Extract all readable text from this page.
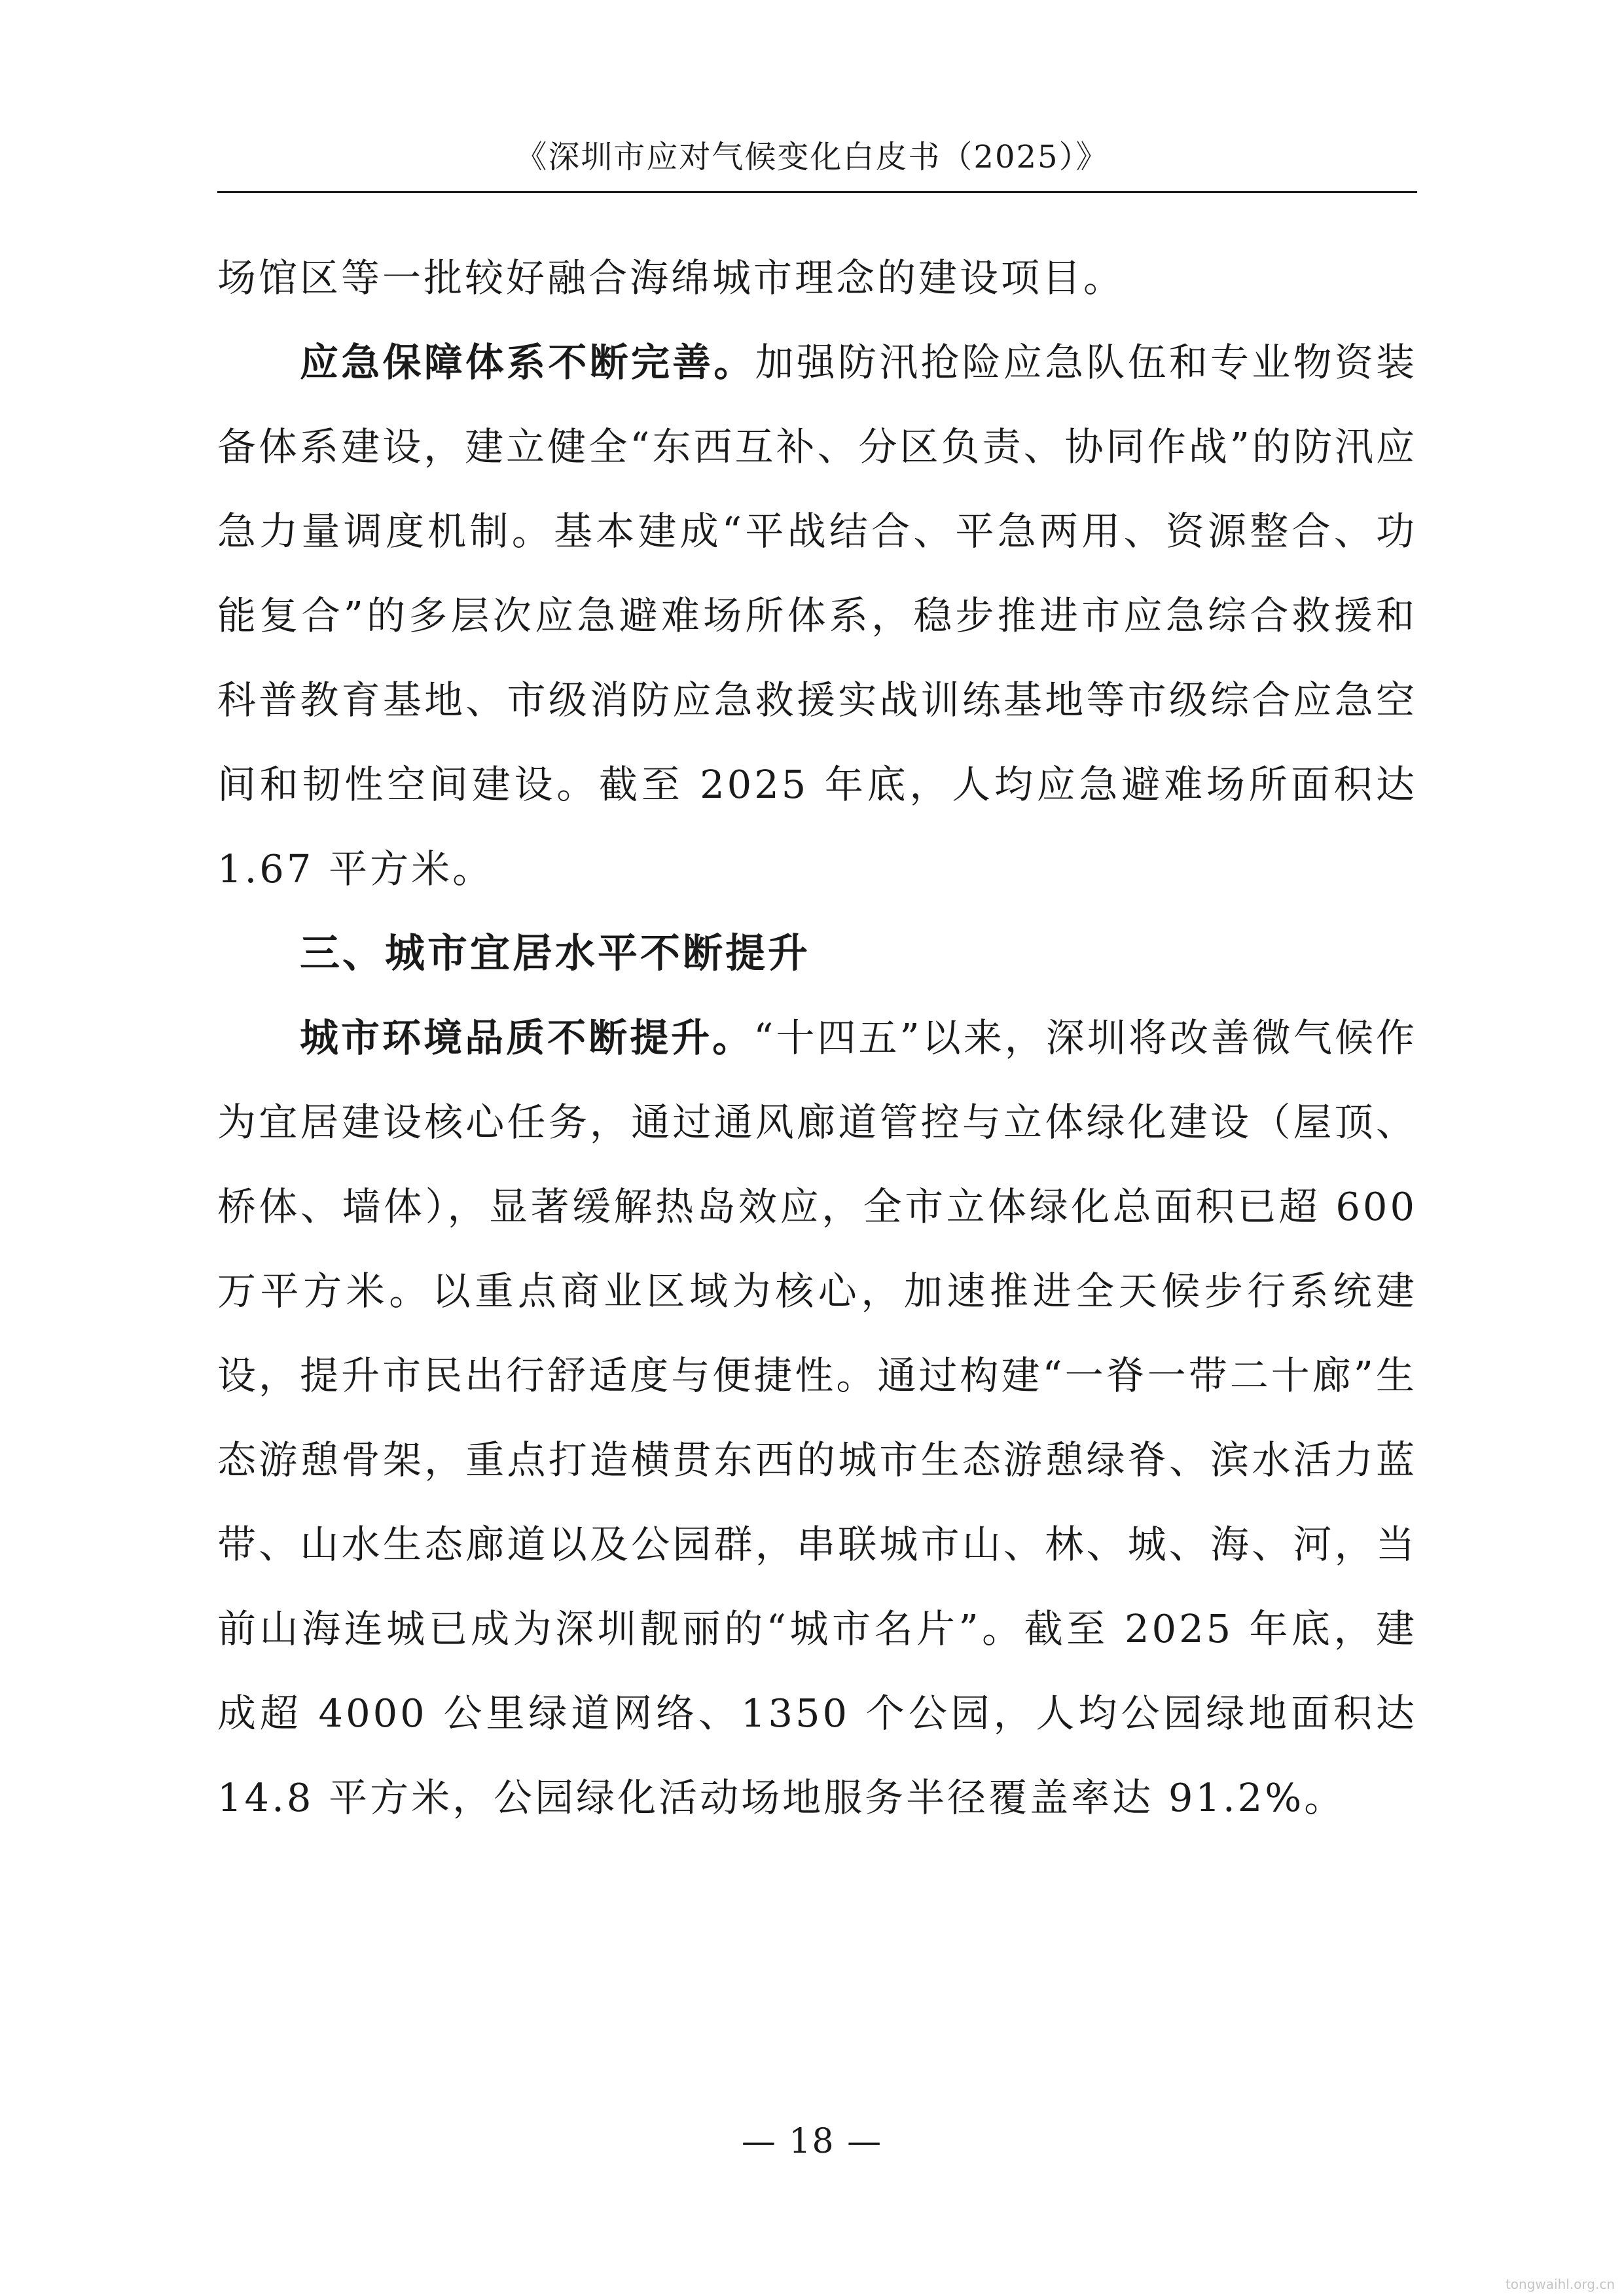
《深圳市应对气候变化白皮书（2025）》

场馆区等一批较好融合海绵城市理念的建设项目。

应急保障体系不断完善。加强防汛抢险应急队伍和专业物资装备体系建设，建立健全“东西互补、分区负责、协同作战”的防汛应急力量调度机制。基本建成“平战结合、平急两用、资源整合、功能复合”的多层次应急避难场所体系，稳步推进市应急综合救援和科普教育基地、市级消防应急救援实战训练基地等市级综合应急空间和韧性空间建设。截至 2025 年底，人均应急避难场所面积达 1.67 平方米。

三、城市宜居水平不断提升

城市环境品质不断提升。“十四五”以来，深圳将改善微气候作为宜居建设核心任务，通过通风廊道管控与立体绿化建设（屋顶、桥体、墙体），显著缓解热岛效应，全市立体绿化总面积已超 600 万平方米。以重点商业区域为核心，加速推进全天候步行系统建设，提升市民出行舒适度与便捷性。通过构建“一脊一带二十廊”生态游憩骨架，重点打造横贯东西的城市生态游憩绿脊、滨水活力蓝带、山水生态廊道以及公园群，串联城市山、林、城、海、河，当前山海连城已成为深圳靓丽的“城市名片”。截至 2025 年底，建成超 4000 公里绿道网络、1350 个公园，人均公园绿地面积达 14.8 平方米，公园绿化活动场地服务半径覆盖率达 91.2%。

— 18 —
tongwaihl.org.cn
